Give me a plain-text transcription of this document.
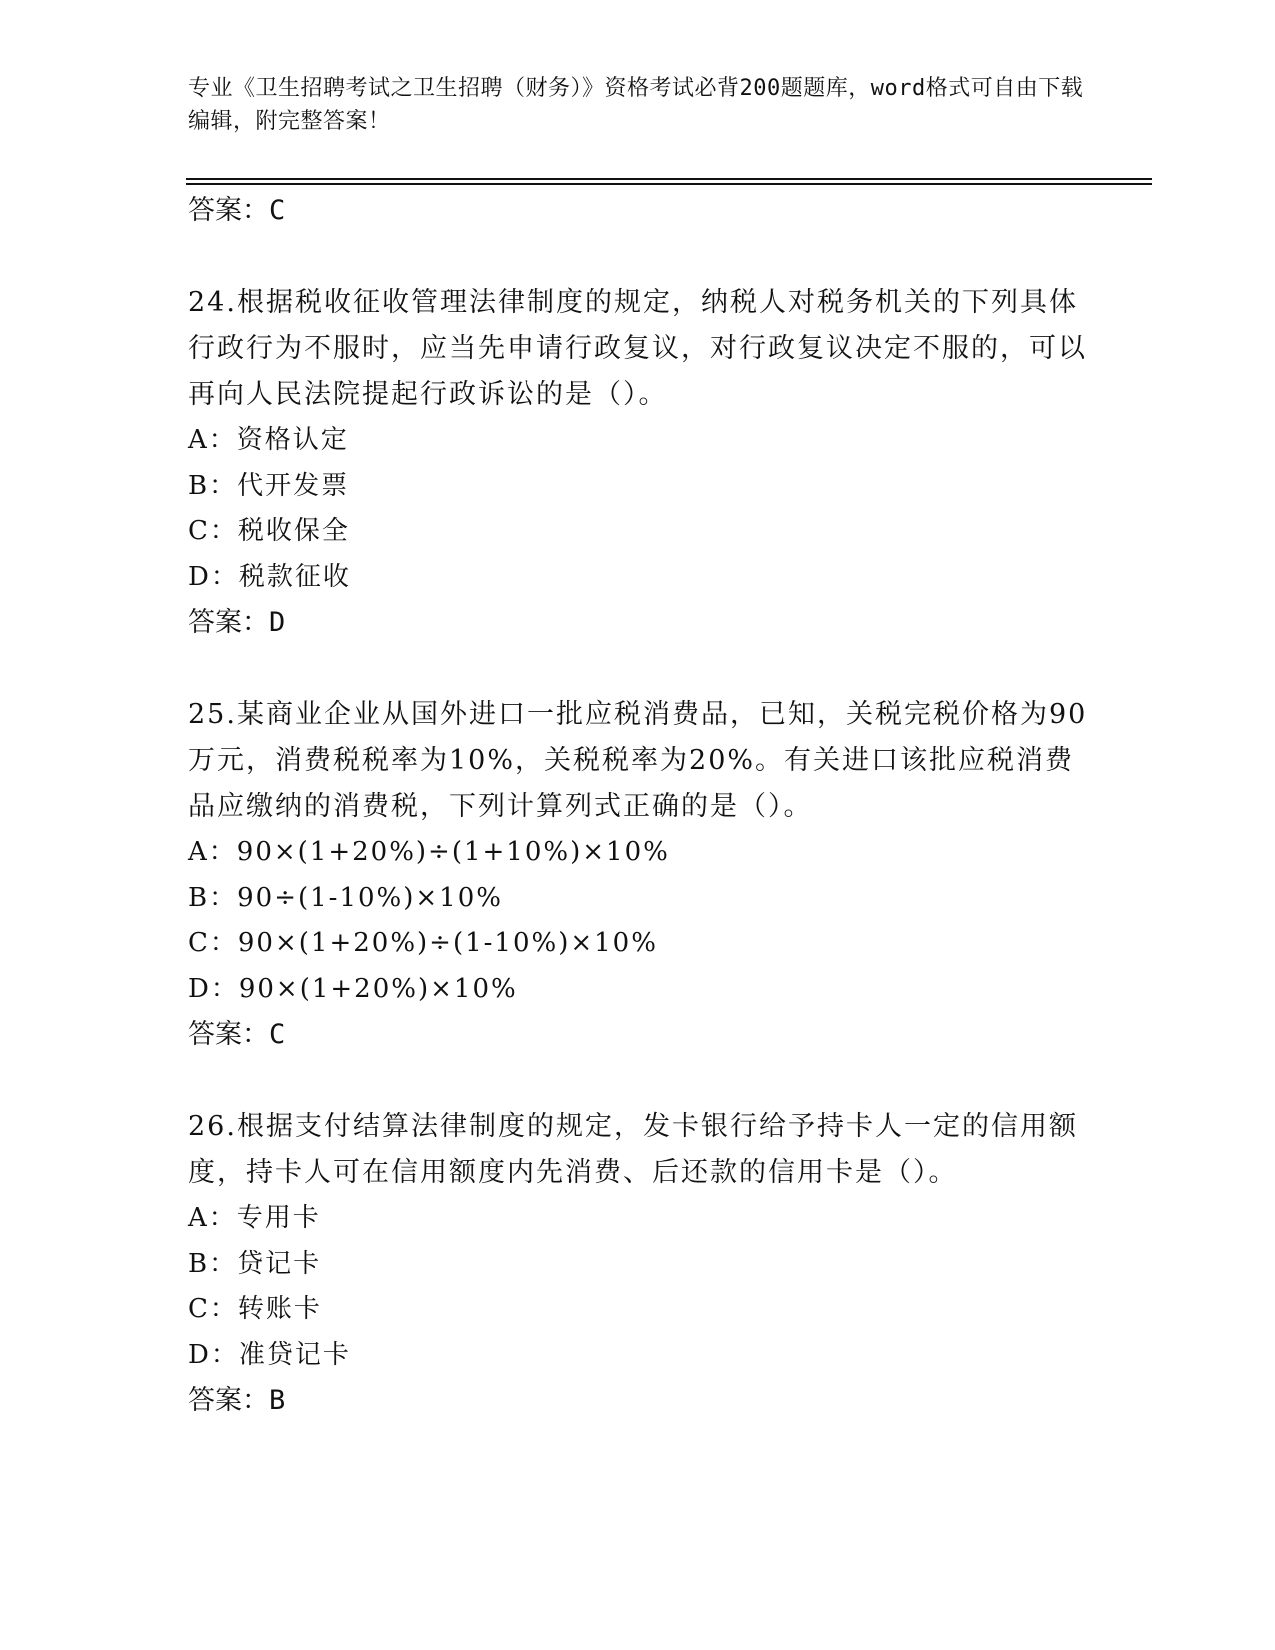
专业《卫生招聘考试之卫生招聘（财务）》资格考试必背200题题库，word格式可自由下载编辑，附完整答案！

答案：C

24.根据税收征收管理法律制度的规定，纳税人对税务机关的下列具体行政行为不服时，应当先申请行政复议，对行政复议决定不服的，可以再向人民法院提起行政诉讼的是（）。

A：资格认定

B：代开发票

C：税收保全

D：税款征收

答案：D

25.某商业企业从国外进口一批应税消费品，已知，关税完税价格为90万元，消费税税率为10%，关税税率为20%。有关进口该批应税消费品应缴纳的消费税，下列计算列式正确的是（）。

A：90×(1+20%)÷(1+10%)×10%

B：90÷(1-10%)×10%

C：90×(1+20%)÷(1-10%)×10%

D：90×(1+20%)×10%

答案：C

26.根据支付结算法律制度的规定，发卡银行给予持卡人一定的信用额度，持卡人可在信用额度内先消费、后还款的信用卡是（）。

A：专用卡

B：贷记卡

C：转账卡

D：准贷记卡

答案：B
